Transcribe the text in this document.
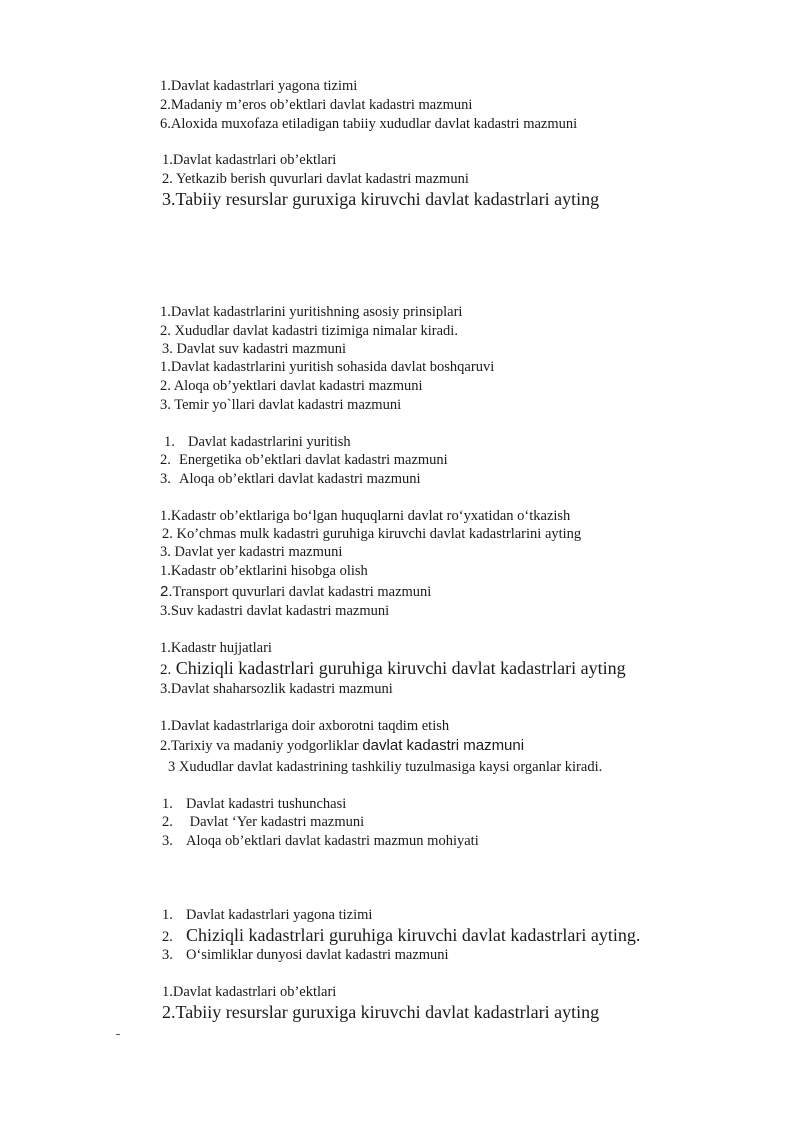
1.Davlat kadastrlari yagona tizimi
2.Madaniy m’eros ob’ektlari davlat kadastri mazmuni
6.Aloxida muxofaza etiladigan tabiiy xududlar davlat kadastri mazmuni
1.Davlat kadastrlari ob’ektlari
2. Yetkazib berish quvurlari davlat kadastri mazmuni
3.Tabiiy resurslar guruxiga kiruvchi davlat kadastrlari ayting
1.Davlat kadastrlarini yuritishning asosiy prinsiplari
2. Xududlar davlat kadastri tizimiga nimalar kiradi.
3. Davlat suv kadastri mazmuni
1.Davlat kadastrlarini yuritish sohasida davlat boshqaruvi
2. Aloqa ob’yektlari davlat kadastri mazmuni
3. Temir yo`llari davlat kadastri mazmuni
1. Davlat kadastrlarini yuritish
2. Energetika ob’ektlari davlat kadastri mazmuni
3. Aloqa ob’ektlari davlat kadastri mazmuni
1.Kadastr ob’ektlariga bo‘lgan huquqlarni davlat ro‘yxatidan o‘tkazish
2. Ko’chmas mulk kadastri guruhiga kiruvchi davlat kadastrlarini ayting
3. Davlat yer kadastri mazmuni
1.Kadastr ob’ektlarini hisobga olish
2.Transport quvurlari davlat kadastri mazmuni
3.Suv kadastri davlat kadastri mazmuni
1.Kadastr hujjatlari
2. Chiziqli kadastrlari guruhiga kiruvchi davlat kadastrlari ayting
3.Davlat shaharsozlik kadastri mazmuni
1.Davlat kadastrlariga doir axborotni taqdim etish
2.Tarixiy va madaniy yodgorliklar davlat kadastri mazmuni
3 Xududlar davlat kadastrining tashkiliy tuzulmasiga kaysi organlar kiradi.
1. Davlat kadastri tushunchasi
2. Davlat ‘Yer kadastri mazmuni
3. Aloqa ob’ektlari davlat kadastri mazmun mohiyati
1. Davlat kadastrlari yagona tizimi
2. Chiziqli kadastrlari guruhiga kiruvchi davlat kadastrlari ayting.
3. O‘simliklar dunyosi davlat kadastri mazmuni
1.Davlat kadastrlari ob’ektlari
2.Tabiiy resurslar guruxiga kiruvchi davlat kadastrlari ayting
